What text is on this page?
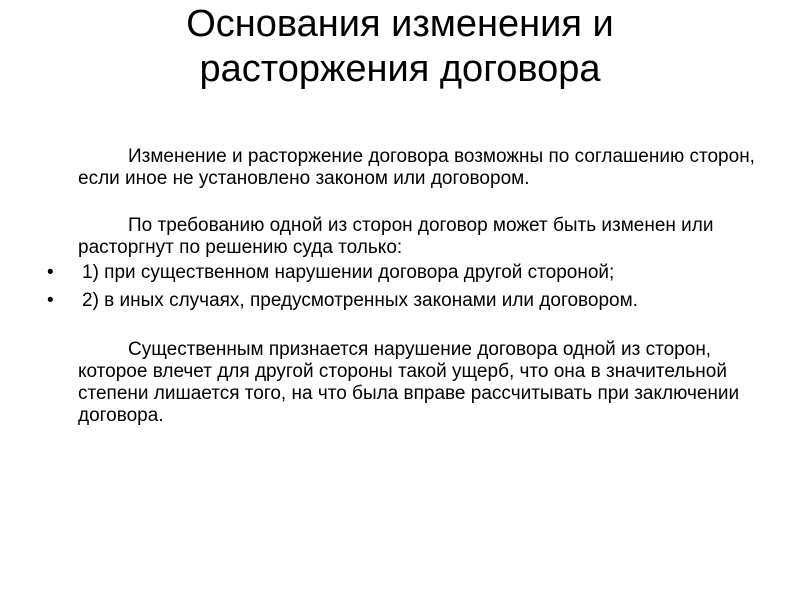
Основания изменения и
расторжения договора

Изменение и расторжение договора возможны по соглашению сторон, если иное не установлено законом или договором.

По требованию одной из сторон договор может быть изменен или расторгнут по решению суда только:

• 1) при существенном нарушении договора другой стороной;
• 2) в иных случаях, предусмотренных законами или договором.

Существенным признается нарушение договора одной из сторон, которое влечет для другой стороны такой ущерб, что она в значительной степени лишается того, на что была вправе рассчитывать при заключении договора.
